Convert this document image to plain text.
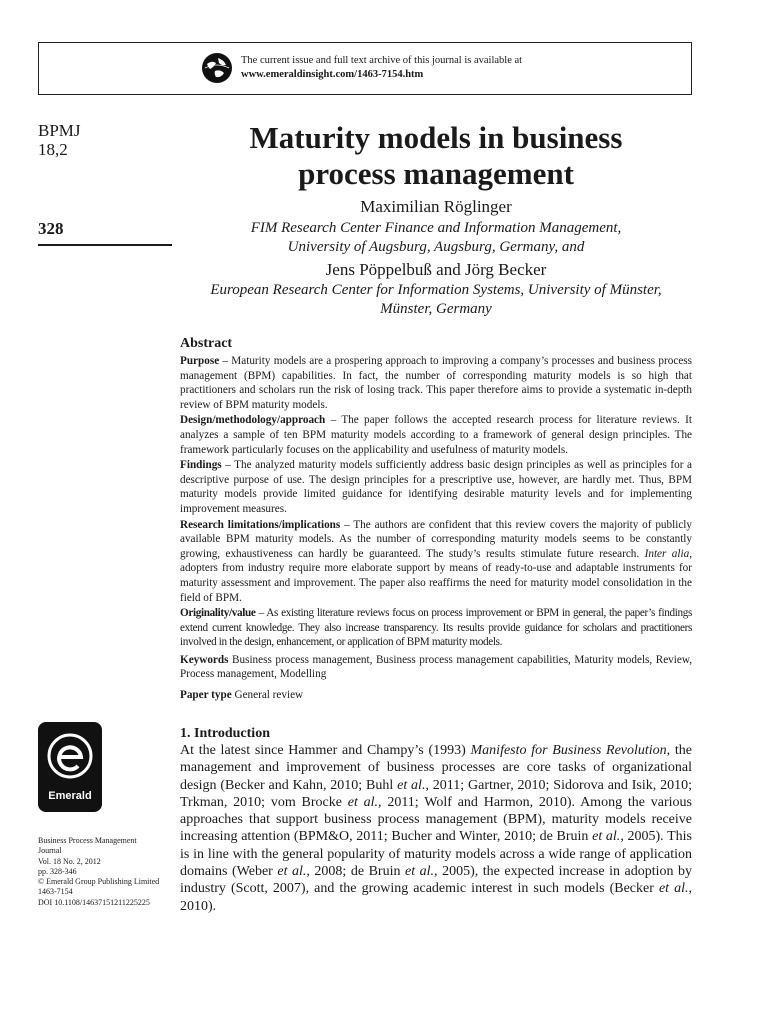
The current issue and full text archive of this journal is available at
www.emeraldinsight.com/1463-7154.htm
BPMJ
18,2
328
Maturity models in business
process management
Maximilian Röglinger
FIM Research Center Finance and Information Management,
University of Augsburg, Augsburg, Germany, and
Jens Pöppelbuß and Jörg Becker
European Research Center for Information Systems, University of Münster,
Münster, Germany
Abstract

Purpose – Maturity models are a prospering approach to improving a company’s processes and business process management (BPM) capabilities. In fact, the number of corresponding maturity models is so high that practitioners and scholars run the risk of losing track. This paper therefore aims to provide a systematic in-depth review of BPM maturity models.

Design/methodology/approach – The paper follows the accepted research process for literature reviews. It analyzes a sample of ten BPM maturity models according to a framework of general design principles. The framework particularly focuses on the applicability and usefulness of maturity models.

Findings – The analyzed maturity models sufficiently address basic design principles as well as principles for a descriptive purpose of use. The design principles for a prescriptive use, however, are hardly met. Thus, BPM maturity models provide limited guidance for identifying desirable maturity levels and for implementing improvement measures.

Research limitations/implications – The authors are confident that this review covers the majority of publicly available BPM maturity models. As the number of corresponding maturity models seems to be constantly growing, exhaustiveness can hardly be guaranteed. The study’s results stimulate future research. Inter alia, adopters from industry require more elaborate support by means of ready-to-use and adaptable instruments for maturity assessment and improvement. The paper also reaffirms the need for maturity model consolidation in the field of BPM.

Originality/value – As existing literature reviews focus on process improvement or BPM in general, the paper’s findings extend current knowledge. They also increase transparency. Its results provide guidance for scholars and practitioners involved in the design, enhancement, or application of BPM maturity models.

Keywords Business process management, Business process management capabilities, Maturity models, Review, Process management, Modelling

Paper type General review

1. Introduction

At the latest since Hammer and Champy’s (1993) Manifesto for Business Revolution, the management and improvement of business processes are core tasks of organizational design (Becker and Kahn, 2010; Buhl et al., 2011; Gartner, 2010; Sidorova and Isik, 2010; Trkman, 2010; vom Brocke et al., 2011; Wolf and Harmon, 2010). Among the various approaches that support business process management (BPM), maturity models receive increasing attention (BPM&O, 2011; Bucher and Winter, 2010; de Bruin et al., 2005). This is in line with the general popularity of maturity models across a wide range of application domains (Weber et al., 2008; de Bruin et al., 2005), the expected increase in adoption by industry (Scott, 2007), and the growing academic interest in such models (Becker et al., 2010).

Emerald
Business Process Management
Journal
Vol. 18 No. 2, 2012
pp. 328-346
© Emerald Group Publishing Limited
1463-7154
DOI 10.1108/14637151211225225
